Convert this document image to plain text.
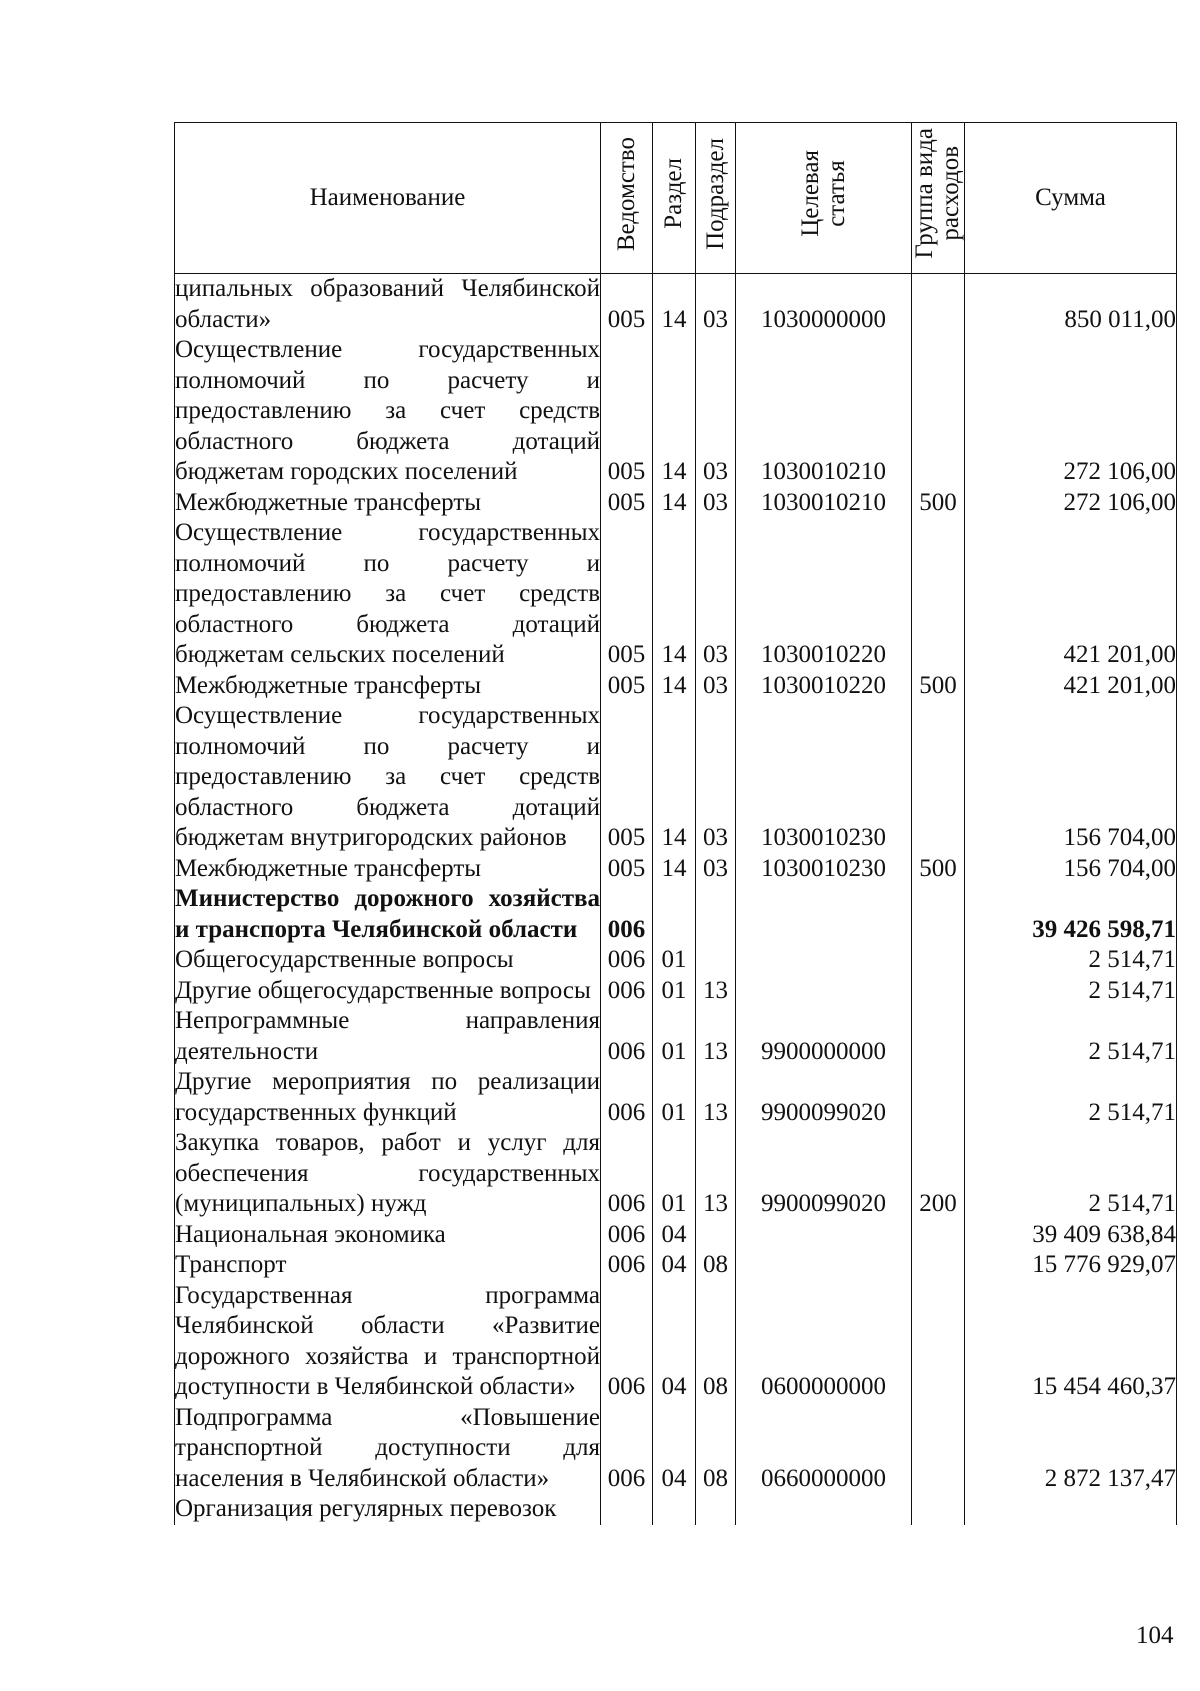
Наименование	Ведомство	Раздел	Подраздел	Целевая статья	Группа вида расходов	Сумма
ципальных образований Челябинской области»	005	14	03	1030000000		850 011,00
Осуществление государственных полномочий по расчету и предоставлению за счет средств областного бюджета дотаций бюджетам городских поселений	005	14	03	1030010210		272 106,00
Межбюджетные трансферты	005	14	03	1030010210	500	272 106,00
Осуществление государственных полномочий по расчету и предоставлению за счет средств областного бюджета дотаций бюджетам сельских поселений	005	14	03	1030010220		421 201,00
Межбюджетные трансферты	005	14	03	1030010220	500	421 201,00
Осуществление государственных полномочий по расчету и предоставлению за счет средств областного бюджета дотаций бюджетам внутригородских районов	005	14	03	1030010230		156 704,00
Межбюджетные трансферты	005	14	03	1030010230	500	156 704,00
Министерство дорожного хозяйства и транспорта Челябинской области	006					39 426 598,71
Общегосударственные вопросы	006	01				2 514,71
Другие общегосударственные вопросы	006	01	13			2 514,71
Непрограммные направления деятельности	006	01	13	9900000000		2 514,71
Другие мероприятия по реализации государственных функций	006	01	13	9900099020		2 514,71
Закупка товаров, работ и услуг для обеспечения государственных (муниципальных) нужд	006	01	13	9900099020	200	2 514,71
Национальная экономика	006	04				39 409 638,84
Транспорт	006	04	08			15 776 929,07
Государственная программа Челябинской области «Развитие дорожного хозяйства и транспортной доступности в Челябинской области»	006	04	08	0600000000		15 454 460,37
Подпрограмма «Повышение транспортной доступности для населения в Челябинской области»	006	04	08	0660000000		2 872 137,47
Организация регулярных перевозок						
104
